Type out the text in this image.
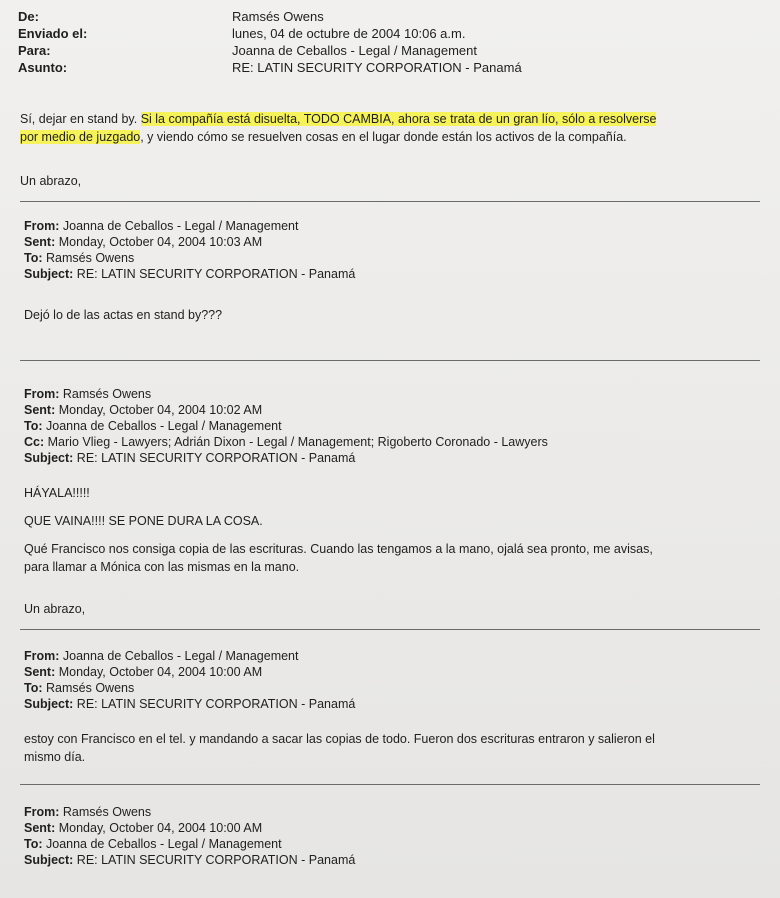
De:	Ramsés Owens
Enviado el:	lunes, 04 de octubre de 2004 10:06 a.m.
Para:	Joanna de Ceballos - Legal / Management
Asunto:	RE: LATIN SECURITY CORPORATION - Panamá
Sí, dejar en stand by. Si la compañía está disuelta, TODO CAMBIA, ahora se trata de un gran lío, sólo a resolverse
por medio de juzgado, y viendo cómo se resuelven cosas en el lugar donde están los activos de la compañía.
Un abrazo,
From: Joanna de Ceballos - Legal / Management
Sent: Monday, October 04, 2004 10:03 AM
To: Ramsés Owens
Subject: RE: LATIN SECURITY CORPORATION - Panamá
Dejó lo de las actas en stand by???
From: Ramsés Owens
Sent: Monday, October 04, 2004 10:02 AM
To: Joanna de Ceballos - Legal / Management
Cc: Mario Vlieg - Lawyers; Adrián Dixon - Legal / Management; Rigoberto Coronado - Lawyers
Subject: RE: LATIN SECURITY CORPORATION - Panamá
HÁYALA!!!!!
QUE VAINA!!!! SE PONE DURA LA COSA.
Qué Francisco nos consiga copia de las escrituras. Cuando las tengamos a la mano, ojalá sea pronto, me avisas,
para llamar a Mónica con las mismas en la mano.
Un abrazo,
From: Joanna de Ceballos - Legal / Management
Sent: Monday, October 04, 2004 10:00 AM
To: Ramsés Owens
Subject: RE: LATIN SECURITY CORPORATION - Panamá
estoy con Francisco en el tel. y mandando a sacar las copias de todo. Fueron dos escrituras entraron y salieron el
mismo día.
From: Ramsés Owens
Sent: Monday, October 04, 2004 10:00 AM
To: Joanna de Ceballos - Legal / Management
Subject: RE: LATIN SECURITY CORPORATION - Panamá
